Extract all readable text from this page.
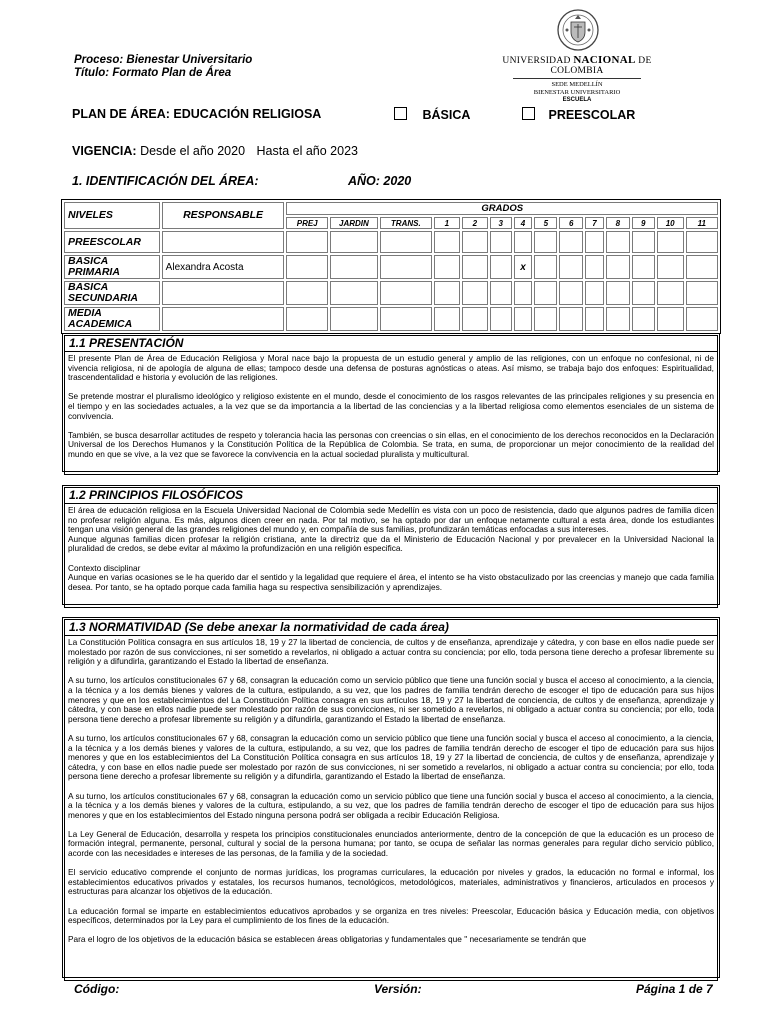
Proceso: Bienestar Universitario
Título: Formato Plan de Área
UNIVERSIDAD NACIONAL DE COLOMBIA
SEDE MEDELLÍN
BIENESTAR UNIVERSITARIO
ESCUELA
PLAN DE ÁREA: EDUCACIÓN RELIGIOSA	BÁSICA	PREESCOLAR
VIGENCIA: Desde el año 2020 Hasta el año 2023
1. IDENTIFICACIÓN DEL ÁREA:	AÑO: 2020
NIVELES	RESPONSABLE	GRADOS													
		PREJ	JARDIN	TRANS.	1	2	3	4	5	6	7	8	9	10	11
PREESCOLAR															
BASICA PRIMARIA	Alexandra Acosta							x							
BASICA SECUNDARIA															
MEDIA ACADEMICA															
1.1 PRESENTACIÓN

El presente Plan de Área de Educación Religiosa y Moral nace bajo la propuesta de un estudio general y amplio de las religiones, con un enfoque no confesional, ni de vivencia religiosa, ni de apología de alguna de ellas; tampoco desde una defensa de posturas agnósticas o ateas. Así mismo, se trabaja bajo dos enfoques: Espiritualidad, trascendentalidad e historia y evolución de las religiones.

Se pretende mostrar el pluralismo ideológico y religioso existente en el mundo, desde el conocimiento de los rasgos relevantes de las principales religiones y su presencia en el tiempo y en las sociedades actuales, a la vez que se da importancia a la libertad de las conciencias y a la libertad religiosa como elementos esenciales de un sistema de convivencia.

También, se busca desarrollar actitudes de respeto y tolerancia hacia las personas con creencias o sin ellas, en el conocimiento de los derechos reconocidos en la Declaración Universal de los Derechos Humanos y la Constitución Política de la República de Colombia. Se trata, en suma, de proporcionar un mejor conocimiento de la realidad del mundo en que se vive, a la vez que se favorece la convivencia en la actual sociedad pluralista y multicultural.

1.2 PRINCIPIOS FILOSÓFICOS

El área de educación religiosa en la Escuela Universidad Nacional de Colombia sede Medellín es vista con un poco de resistencia, dado que algunos padres de familia dicen no profesar religión alguna. Es más, algunos dicen creer en nada. Por tal motivo, se ha optado por dar un enfoque netamente cultural a esta área, donde los estudiantes tengan una visión general de las grandes religiones del mundo y, en compañía de sus familias, profundizarán temáticas enfocadas a sus intereses.
Aunque algunas familias dicen profesar la religión cristiana, ante la directriz que da el Ministerio de Educación Nacional y por prevalecer en la Universidad Nacional la pluralidad de credos, se debe evitar al máximo la profundización en una religión especifica.

Contexto disciplinar
Aunque en varias ocasiones se le ha querido dar el sentido y la legalidad que requiere el área, el intento se ha visto obstaculizado por las creencias y manejo que cada familia desea. Por tanto, se ha optado porque cada familia haga su respectiva sensibilización y aprendizajes.

1.3 NORMATIVIDAD (Se debe anexar la normatividad de cada área)

La Constitución Política consagra en sus artículos 18, 19 y 27 la libertad de conciencia, de cultos y de enseñanza, aprendizaje y cátedra, y con base en ellos nadie puede ser molestado por razón de sus convicciones, ni ser sometido a revelarlos, ni obligado a actuar contra su conciencia; por ello, toda persona tiene derecho a profesar libremente su religión y a difundirla, garantizando el Estado la libertad de enseñanza.

A su turno, los artículos constitucionales 67 y 68, consagran la educación como un servicio público que tiene una función social y busca el acceso al conocimiento, a la ciencia, a la técnica y a los demás bienes y valores de la cultura, estipulando, a su vez, que los padres de familia tendrán derecho de escoger el tipo de educación para sus hijos menores y que en los establecimientos del La Constitución Política consagra en sus artículos 18, 19 y 27 la libertad de conciencia, de cultos y de enseñanza, aprendizaje y cátedra, y con base en ellos nadie puede ser molestado por razón de sus convicciones, ni ser sometido a revelarlos, ni obligado a actuar contra su conciencia; por ello, toda persona tiene derecho a profesar libremente su religión y a difundirla, garantizando el Estado la libertad de enseñanza.

A su turno, los artículos constitucionales 67 y 68, consagran la educación como un servicio público que tiene una función social y busca el acceso al conocimiento, a la ciencia, a la técnica y a los demás bienes y valores de la cultura, estipulando, a su vez, que los padres de familia tendrán derecho de escoger el tipo de educación para sus hijos menores y que en los establecimientos del La Constitución Política consagra en sus artículos 18, 19 y 27 la libertad de conciencia, de cultos y de enseñanza, aprendizaje y cátedra, y con base en ellos nadie puede ser molestado por razón de sus convicciones, ni ser sometido a revelarlos, ni obligado a actuar contra su conciencia; por ello, toda persona tiene derecho a profesar libremente su religión y a difundirla, garantizando el Estado la libertad de enseñanza.

A su turno, los artículos constitucionales 67 y 68, consagran la educación como un servicio público que tiene una función social y busca el acceso al conocimiento, a la ciencia, a la técnica y a los demás bienes y valores de la cultura, estipulando, a su vez, que los padres de familia tendrán derecho de escoger el tipo de educación para sus hijos menores y que en los establecimientos del Estado ninguna persona podrá ser obligada a recibir Educación Religiosa.

La Ley General de Educación, desarrolla y respeta los principios constitucionales enunciados anteriormente, dentro de la concepción de que la educación es un proceso de formación integral, permanente, personal, cultural y social de la persona humana; por tanto, se ocupa de señalar las normas generales para regular dicho servicio público, acorde con las necesidades e intereses de las personas, de la familia y de la sociedad.

El servicio educativo comprende el conjunto de normas jurídicas, los programas curriculares, la educación por niveles y grados, la educación no formal e informal, los establecimientos educativos privados y estatales, los recursos humanos, tecnológicos, metodológicos, materiales, administrativos y financieros, articulados en procesos y estructuras para alcanzar los objetivos de la educación.

La educación formal se imparte en establecimientos educativos aprobados y se organiza en tres niveles: Preescolar, Educación básica y Educación media, con objetivos específicos, determinados por la Ley para el cumplimiento de los fines de la educación.

Para el logro de los objetivos de la educación básica se establecen áreas obligatorias y fundamentales que " necesariamente se tendrán que

Código:	Versión:	Página 1 de 7
